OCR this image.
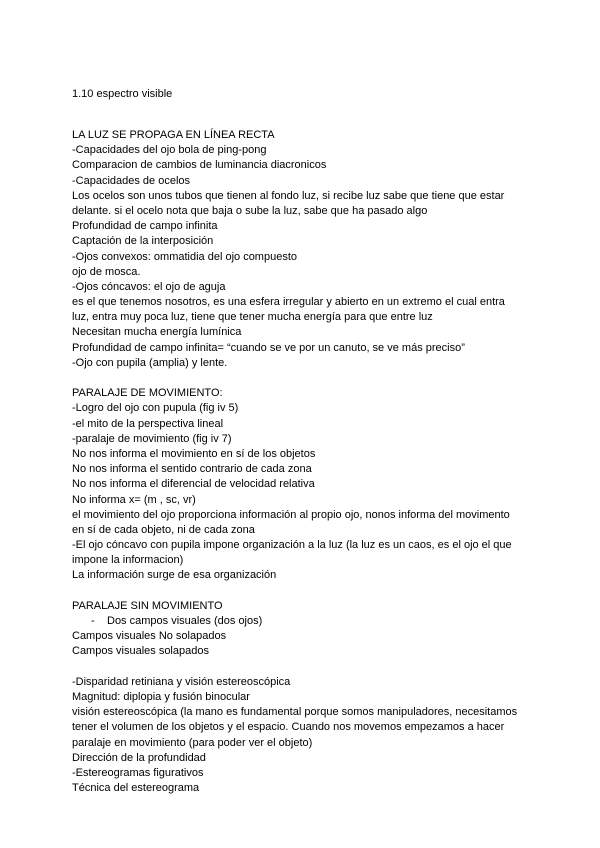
1.10 espectro visible
LA LUZ SE PROPAGA EN LÍNEA RECTA
-Capacidades del ojo bola de ping-pong
Comparacion de cambios de luminancia diacronicos
-Capacidades de ocelos
Los ocelos son unos tubos que tienen al fondo luz, si recibe luz sabe que tiene que estar
delante. si el ocelo nota que baja o sube la luz, sabe que ha pasado algo
Profundidad de campo infinita
Captación de la interposición
-Ojos convexos: ommatidia del ojo compuesto
ojo de mosca.
-Ojos cóncavos: el ojo de aguja
es el que tenemos nosotros, es una esfera irregular y abierto en un extremo el cual entra
luz, entra muy poca luz, tiene que tener mucha energía para que entre luz
Necesitan mucha energía lumínica
Profundidad de campo infinita= “cuando se ve por un canuto, se ve más preciso”
-Ojo con pupila (amplia) y lente.
PARALAJE DE MOVIMIENTO:
-Logro del ojo con pupula (fig iv 5)
-el mito de la perspectiva lineal
-paralaje de movimiento (fig iv 7)
No nos informa el movimiento en sí de los objetos
No nos informa el sentido contrario de cada zona
No nos informa el diferencial de velocidad relativa
No informa x= (m , sc, vr)
el movimiento del ojo proporciona información al propio ojo, nonos informa del movimento
en sí de cada objeto, ni de cada zona
-El ojo cóncavo con pupila impone organización a la luz (la luz es un caos, es el ojo el que
impone la informacion)
La información surge de esa organización
PARALAJE SIN MOVIMIENTO
- Dos campos visuales (dos ojos)
Campos visuales No solapados
Campos visuales solapados
-Disparidad retiniana y visión estereoscópica
Magnitud: diplopia y fusión binocular
visión estereoscópica (la mano es fundamental porque somos manipuladores, necesitamos
tener el volumen de los objetos y el espacio. Cuando nos movemos empezamos a hacer
paralaje en movimiento (para poder ver el objeto)
Dirección de la profundidad
-Estereogramas figurativos
Técnica del estereograma
